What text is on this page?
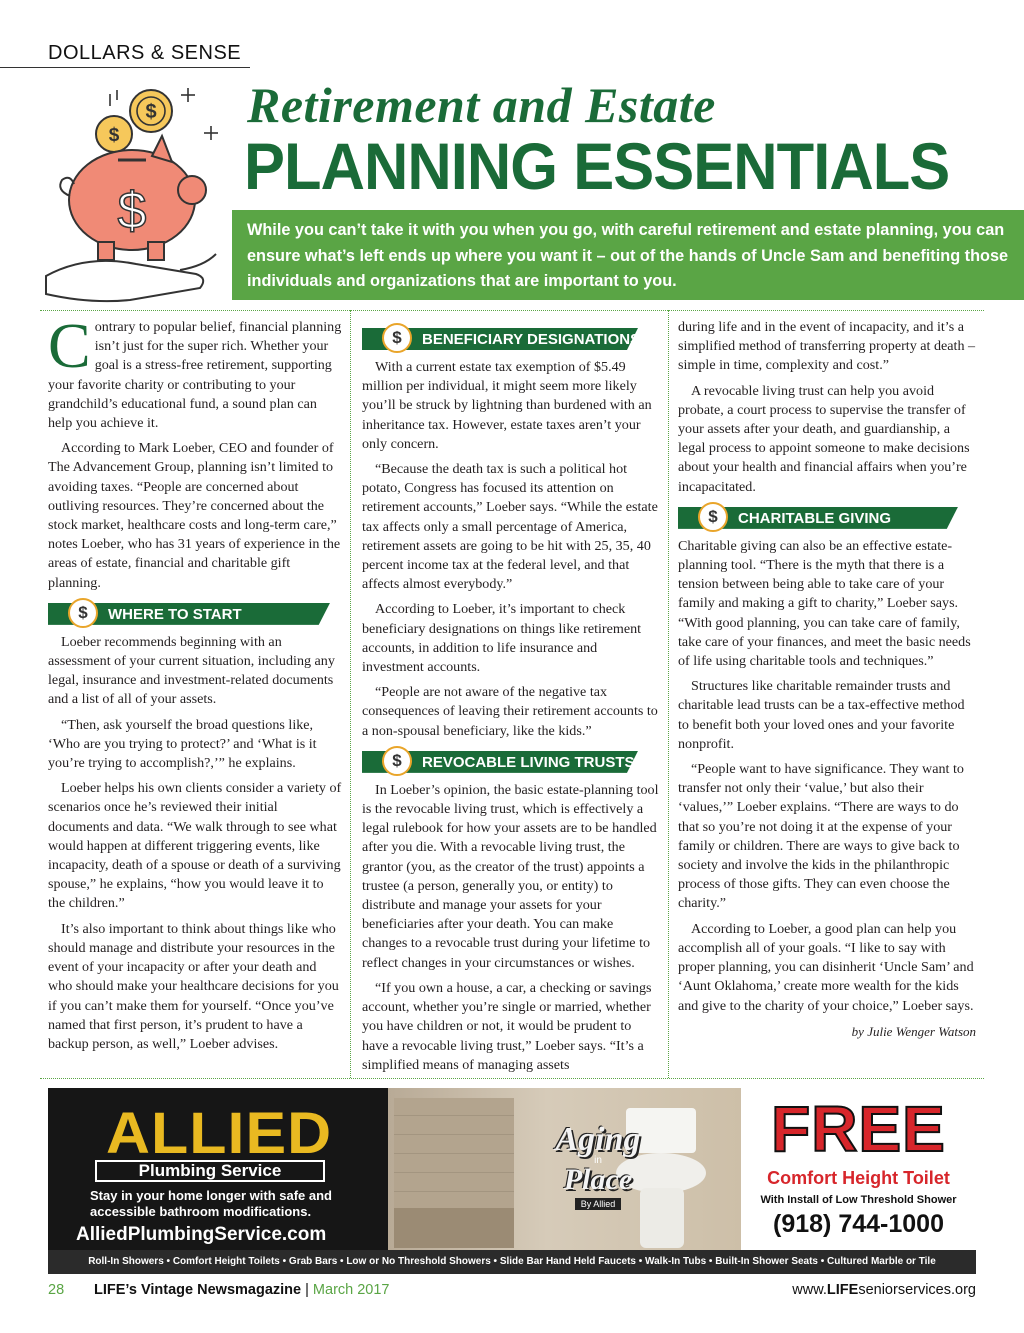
DOLLARS & SENSE
$
$
$
Retirement and Estate
PLANNING ESSENTIALS
While you can’t take it with you when you go, with careful retirement and estate planning, you can ensure what’s left ends up where you want it – out of the hands of Uncle Sam and benefiting those individuals and organizations that are important to you.

Contrary to popular belief, financial planning isn’t just for the super rich. Whether your goal is a stress-free retirement, supporting your favorite charity or contributing to your grandchild’s educational fund, a sound plan can help you achieve it.

According to Mark Loeber, CEO and founder of The Advancement Group, planning isn’t limited to avoiding taxes. “People are concerned about outliving resources. They’re concerned about the stock market, healthcare costs and long-term care,” notes Loeber, who has 31 years of experience in the areas of estate, financial and charitable gift planning.

$	WHERE TO START

Loeber recommends beginning with an assessment of your current situation, including any legal, insurance and investment-related documents and a list of all of your assets.

“Then, ask yourself the broad questions like, ‘Who are you trying to protect?’ and ‘What is it you’re trying to accomplish?,’” he explains.

Loeber helps his own clients consider a variety of scenarios once he’s reviewed their initial documents and data. “We walk through to see what would happen at different triggering events, like incapacity, death of a spouse or death of a surviving spouse,” he explains, “how you would leave it to the children.”

It’s also important to think about things like who should manage and distribute your resources in the event of your incapacity or after your death and who should make your healthcare decisions for you if you can’t make them for yourself. “Once you’ve named that first person, it’s prudent to have a backup person, as well,” Loeber advises.

$	BENEFICIARY DESIGNATIONS

With a current estate tax exemption of $5.49 million per individual, it might seem more likely you’ll be struck by lightning than burdened with an inheritance tax. However, estate taxes aren’t your only concern.

“Because the death tax is such a political hot potato, Congress has focused its attention on retirement accounts,” Loeber says. “While the estate tax affects only a small percentage of America, retirement assets are going to be hit with 25, 35, 40 percent income tax at the federal level, and that affects almost everybody.”

According to Loeber, it’s important to check beneficiary designations on things like retirement accounts, in addition to life insurance and investment accounts.

“People are not aware of the negative tax consequences of leaving their retirement accounts to a non-spousal beneficiary, like the kids.”

$	REVOCABLE LIVING TRUSTS

In Loeber’s opinion, the basic estate-planning tool is the revocable living trust, which is effectively a legal rulebook for how your assets are to be handled after you die. With a revocable living trust, the grantor (you, as the creator of the trust) appoints a trustee (a person, generally you, or entity) to distribute and manage your assets for your beneficiaries after your death. You can make changes to a revocable trust during your lifetime to reflect changes in your circumstances or wishes.

“If you own a house, a car, a checking or savings account, whether you’re single or married, whether you have children or not, it would be prudent to have a revocable living trust,” Loeber says. “It’s a simplified means of managing assets

during life and in the event of incapacity, and it’s a simplified method of transferring property at death – simple in time, complexity and cost.”

A revocable living trust can help you avoid probate, a court process to supervise the transfer of your assets after your death, and guardianship, a legal process to appoint someone to make decisions about your health and financial affairs when you’re incapacitated.

$	CHARITABLE GIVING

Charitable giving can also be an effective estate-planning tool. “There is the myth that there is a tension between being able to take care of your family and making a gift to charity,” Loeber says. “With good planning, you can take care of family, take care of your finances, and meet the basic needs of life using charitable tools and techniques.”

Structures like charitable remainder trusts and charitable lead trusts can be a tax-effective method to benefit both your loved ones and your favorite nonprofit.

“People want to have significance. They want to transfer not only their ‘value,’ but also their ‘values,’” Loeber explains. “There are ways to do that so you’re not doing it at the expense of your family or children. There are ways to give back to society and involve the kids in the philanthropic process of those gifts. They can even choose the charity.”

According to Loeber, a good plan can help you accomplish all of your goals. “I like to say with proper planning, you can disinherit ‘Uncle Sam’ and ‘Aunt Oklahoma,’ create more wealth for the kids and give to the charity of your choice,” Loeber says.

by Julie Wenger Watson
ALLIED
Plumbing Service
Stay in your home longer with safe and accessible bathroom modifications.
AlliedPlumbingService.com
Aging
in
Place
By Allied
FREE
Comfort Height Toilet
With Install of Low Threshold Shower
(918) 744-1000
Roll-In Showers • Comfort Height Toilets • Grab Bars • Low or No Threshold Showers • Slide Bar Hand Held Faucets • Walk-In Tubs • Built-In Shower Seats • Cultured Marble or Tile
28 LIFE’s Vintage Newsmagazine | March 2017	www.LIFEseniorservices.org
